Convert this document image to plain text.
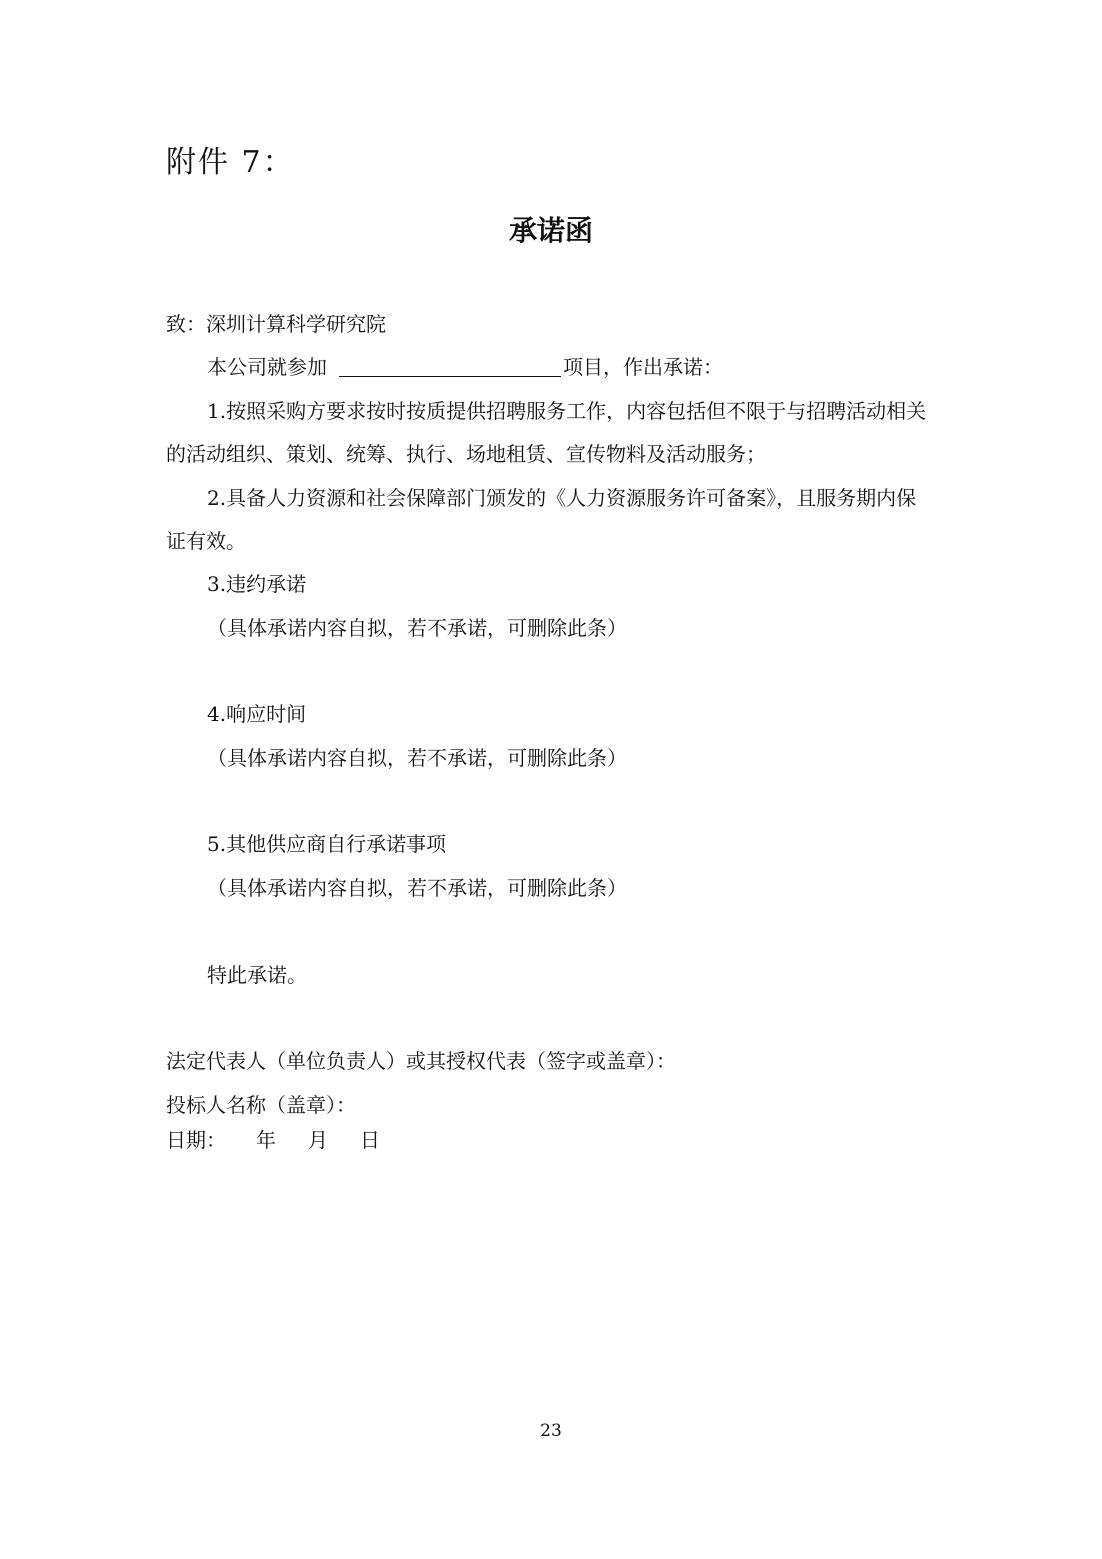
附件 7：
承诺函

致：深圳计算科学研究院

本公司就参加	项目，作出承诺：

1.按照采购方要求按时按质提供招聘服务工作，内容包括但不限于与招聘活动相关

的活动组织、策划、统筹、执行、场地租赁、宣传物料及活动服务；

2.具备人力资源和社会保障部门颁发的《人力资源服务许可备案》，且服务期内保

证有效。

3.违约承诺

（具体承诺内容自拟，若不承诺，可删除此条）

4.响应时间

（具体承诺内容自拟，若不承诺，可删除此条）

5.其他供应商自行承诺事项

（具体承诺内容自拟，若不承诺，可删除此条）

特此承诺。

法定代表人（单位负责人）或其授权代表（签字或盖章）：

投标人名称（盖章）：

日期： 年 月 日

23
